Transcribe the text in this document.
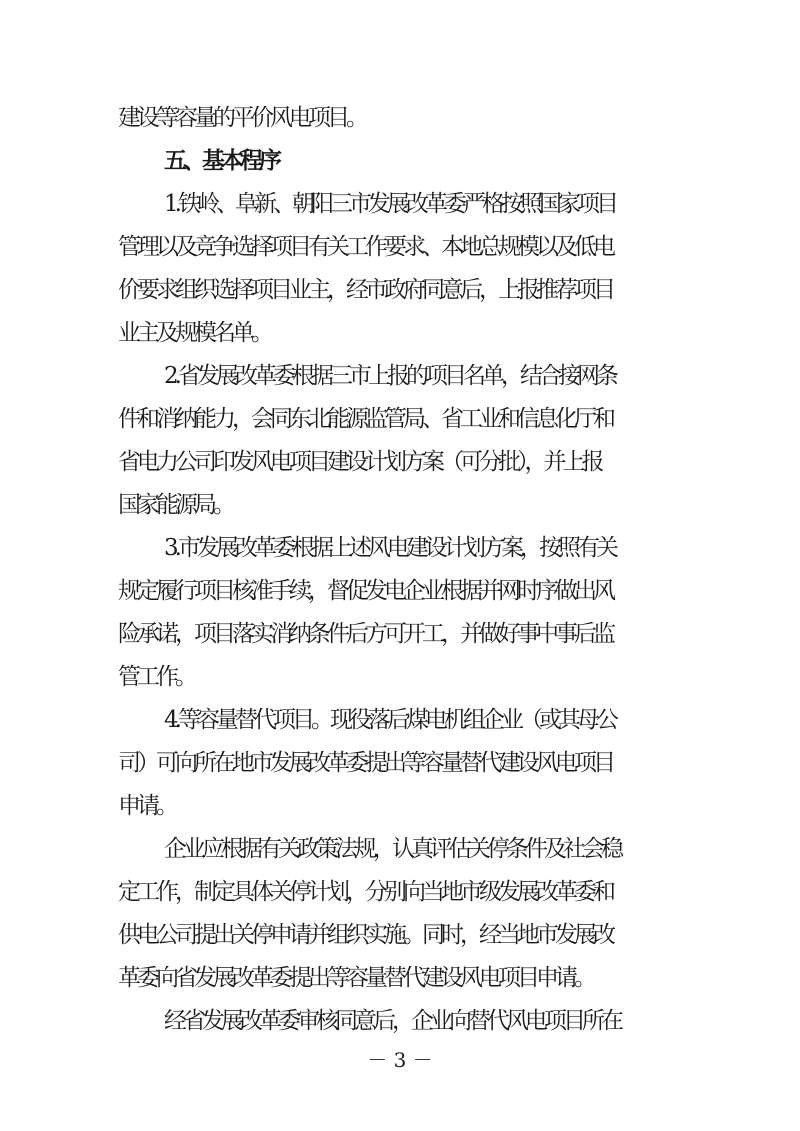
建设等容量的平价风电项目。
五、基本程序
1.铁岭、阜新、朝阳三市发展改革委严格按照国家项目
管理以及竞争选择项目有关工作要求、本地总规模以及低电
价要求组织选择项目业主，经市政府同意后，上报推荐项目
业主及规模名单。
2.省发展改革委根据三市上报的项目名单，结合接网条
件和消纳能力，会同东北能源监管局、省工业和信息化厅和
省电力公司印发风电项目建设计划方案（可分批），并上报
国家能源局。
3.市发展改革委根据上述风电建设计划方案，按照有关
规定履行项目核准手续，督促发电企业根据并网时序做出风
险承诺，项目落实消纳条件后方可开工，并做好事中事后监
管工作。
4.等容量替代项目。现役落后煤电机组企业（或其母公
司）可向所在地市发展改革委提出等容量替代建设风电项目
申请。
企业应根据有关政策法规，认真评估关停条件及社会稳
定工作，制定具体关停计划，分别向当地市级发展改革委和
供电公司提出关停申请并组织实施。同时，经当地市发展改
革委向省发展改革委提出等容量替代建设风电项目申请。
经省发展改革委审核同意后，企业向替代风电项目所在
－ 3 －
